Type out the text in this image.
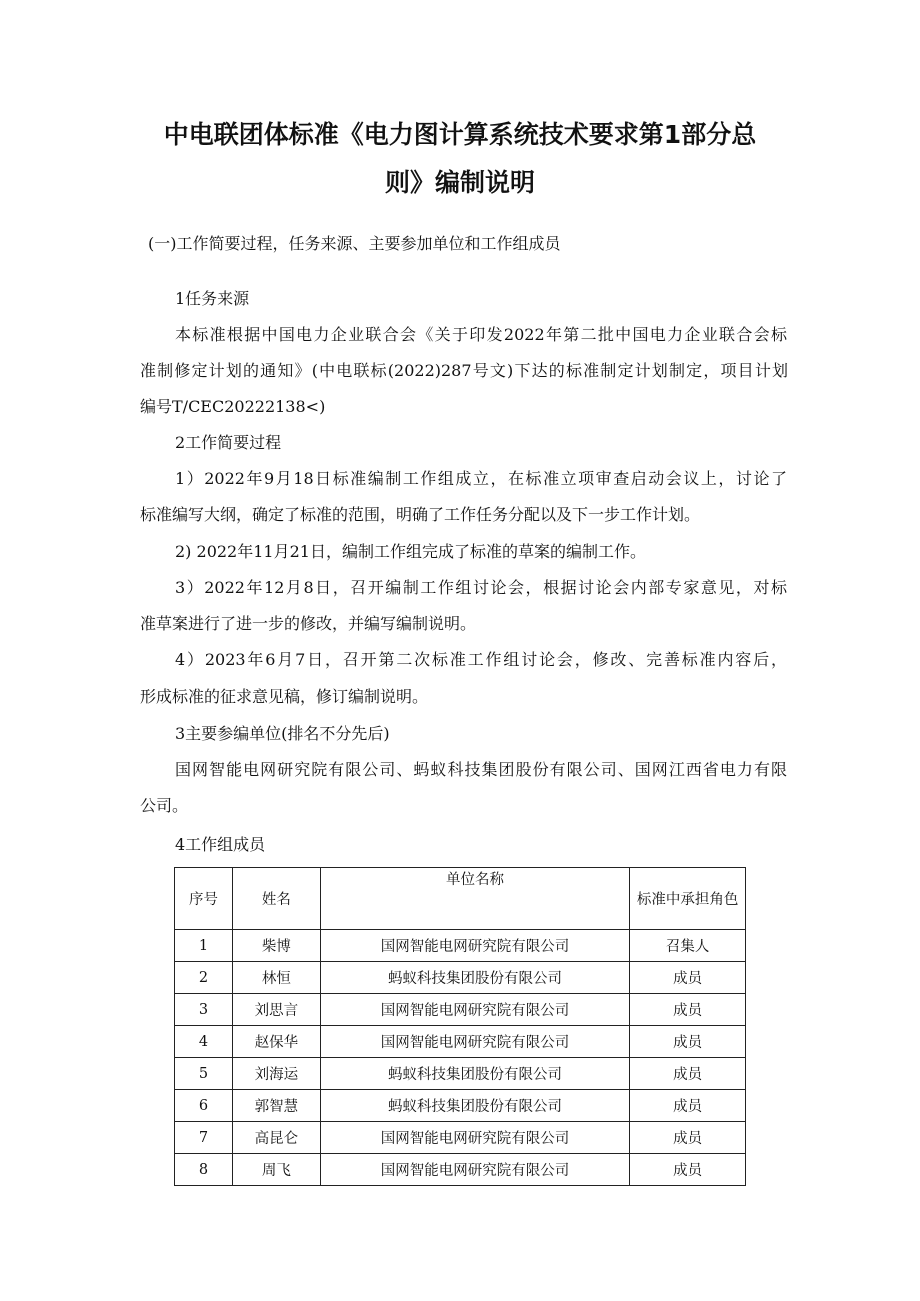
中电联团体标准《电力图计算系统技术要求第1部分总
则》编制说明
(一)工作简要过程，任务来源、主要参加单位和工作组成员
1任务来源
本标准根据中国电力企业联合会《关于印发2022年第二批中国电力企业联合会标
准制修定计划的通知》(中电联标(2022)287号文)下达的标准制定计划制定，项目计划
编号T/CEC20222138<)
2工作简要过程
1）2022年9月18日标准编制工作组成立，在标准立项审查启动会议上，讨论了
标准编写大纲，确定了标准的范围，明确了工作任务分配以及下一步工作计划。
2) 2022年11月21日，编制工作组完成了标准的草案的编制工作。
3）2022年12月8日，召开编制工作组讨论会，根据讨论会内部专家意见，对标
准草案进行了进一步的修改，并编写编制说明。
4）2023年6月7日，召开第二次标准工作组讨论会，修改、完善标准内容后，
形成标准的征求意见稿，修订编制说明。
3主要参编单位(排名不分先后)
国网智能电网研究院有限公司、蚂蚁科技集团股份有限公司、国网江西省电力有限
公司。
4工作组成员
序号	姓名	单位名称	标准中承担角色
1	柴博	国网智能电网研究院有限公司	召集人
2	林恒	蚂蚁科技集团股份有限公司	成员
3	刘思言	国网智能电网研究院有限公司	成员
4	赵保华	国网智能电网研究院有限公司	成员
5	刘海运	蚂蚁科技集团股份有限公司	成员
6	郭智慧	蚂蚁科技集团股份有限公司	成员
7	高昆仑	国网智能电网研究院有限公司	成员
8	周飞	国网智能电网研究院有限公司	成员
